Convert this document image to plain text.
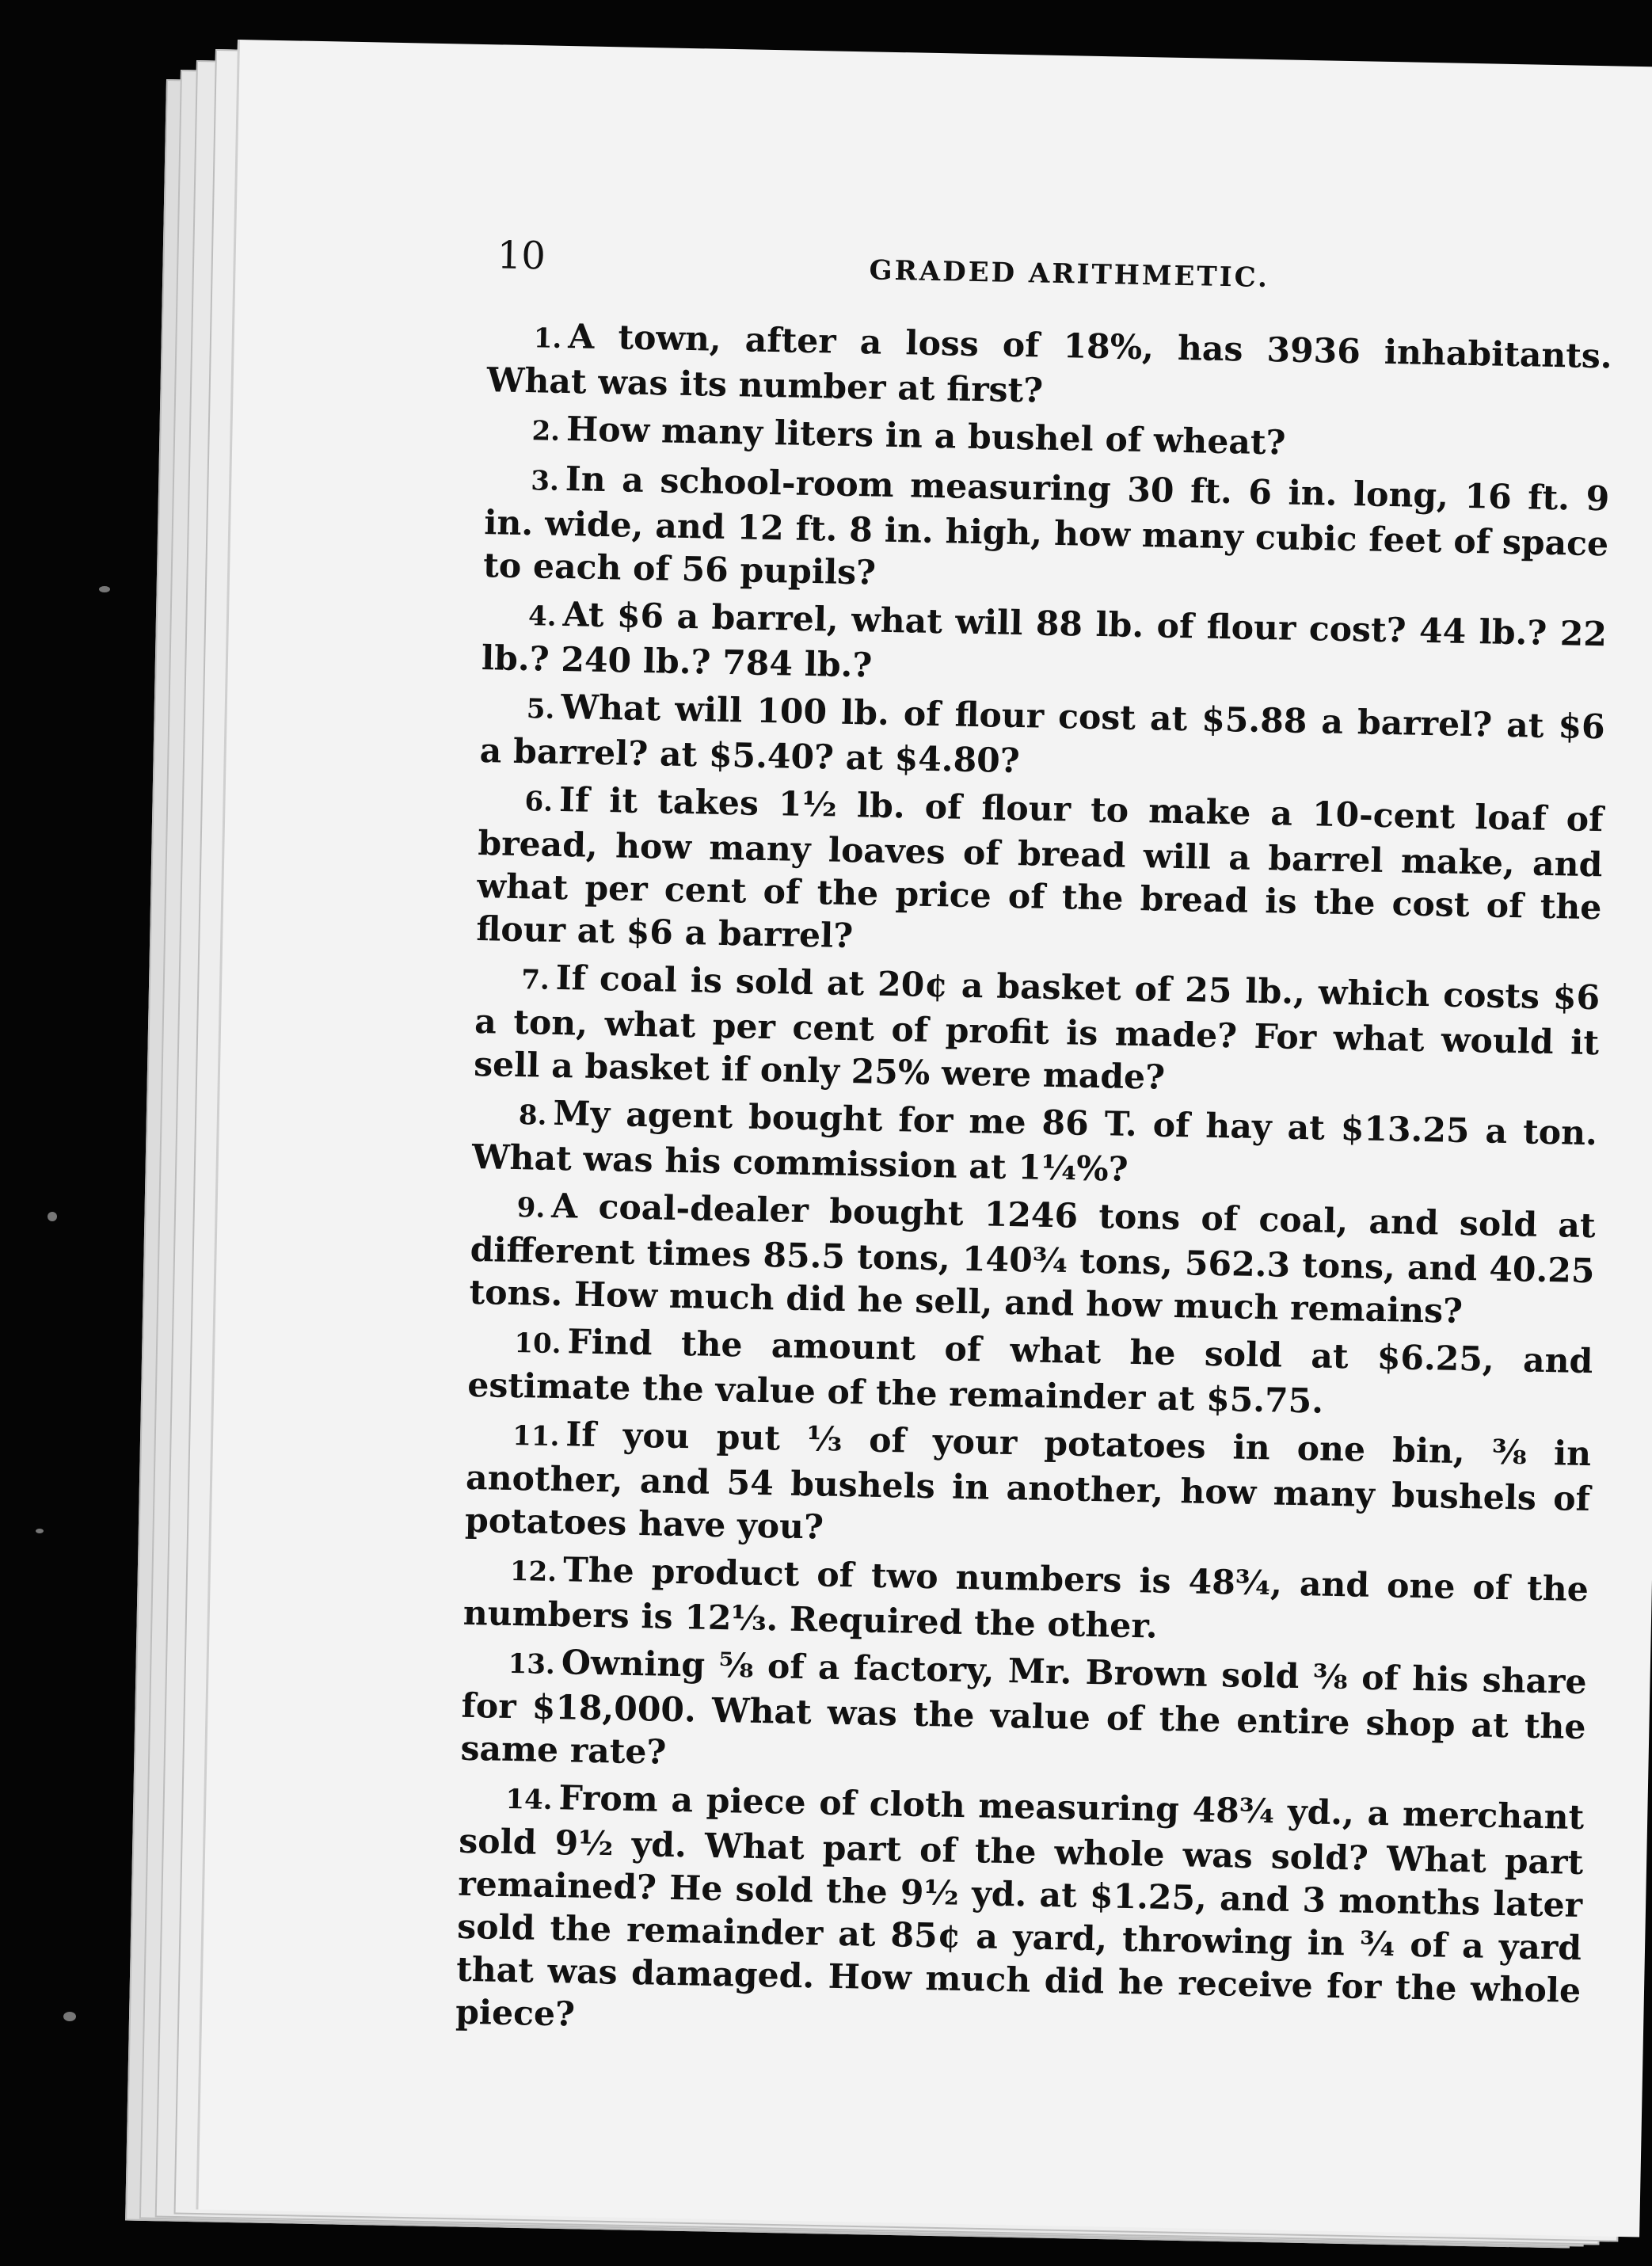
10	GRADED ARITHMETIC.

1. A town, after a loss of 18%, has 3936 inhabitants. What was its number at first?

2. How many liters in a bushel of wheat?

3. In a school-room measuring 30 ft. 6 in. long, 16 ft. 9 in. wide, and 12 ft. 8 in. high, how many cubic feet of space to each of 56 pupils?

4. At $6 a barrel, what will 88 lb. of flour cost? 44 lb.? 22 lb.? 240 lb.? 784 lb.?

5. What will 100 lb. of flour cost at $5.88 a barrel? at $6 a barrel? at $5.40? at $4.80?

6. If it takes 1½ lb. of flour to make a 10-cent loaf of bread, how many loaves of bread will a barrel make, and what per cent of the price of the bread is the cost of the flour at $6 a barrel?

7. If coal is sold at 20¢ a basket of 25 lb., which costs $6 a ton, what per cent of profit is made? For what would it sell a basket if only 25% were made?

8. My agent bought for me 86 T. of hay at $13.25 a ton. What was his commission at 1¼%?

9. A coal-dealer bought 1246 tons of coal, and sold at different times 85.5 tons, 140¾ tons, 562.3 tons, and 40.25 tons. How much did he sell, and how much remains?

10. Find the amount of what he sold at $6.25, and estimate the value of the remainder at $5.75.

11. If you put ⅓ of your potatoes in one bin, ⅜ in another, and 54 bushels in another, how many bushels of potatoes have you?

12. The product of two numbers is 48¾, and one of the numbers is 12⅓. Required the other.

13. Owning ⅝ of a factory, Mr. Brown sold ⅜ of his share for $18,000. What was the value of the entire shop at the same rate?

14. From a piece of cloth measuring 48¾ yd., a merchant sold 9½ yd. What part of the whole was sold? What part remained? He sold the 9½ yd. at $1.25, and 3 months later sold the remainder at 85¢ a yard, throwing in ¾ of a yard that was damaged. How much did he receive for the whole piece?
